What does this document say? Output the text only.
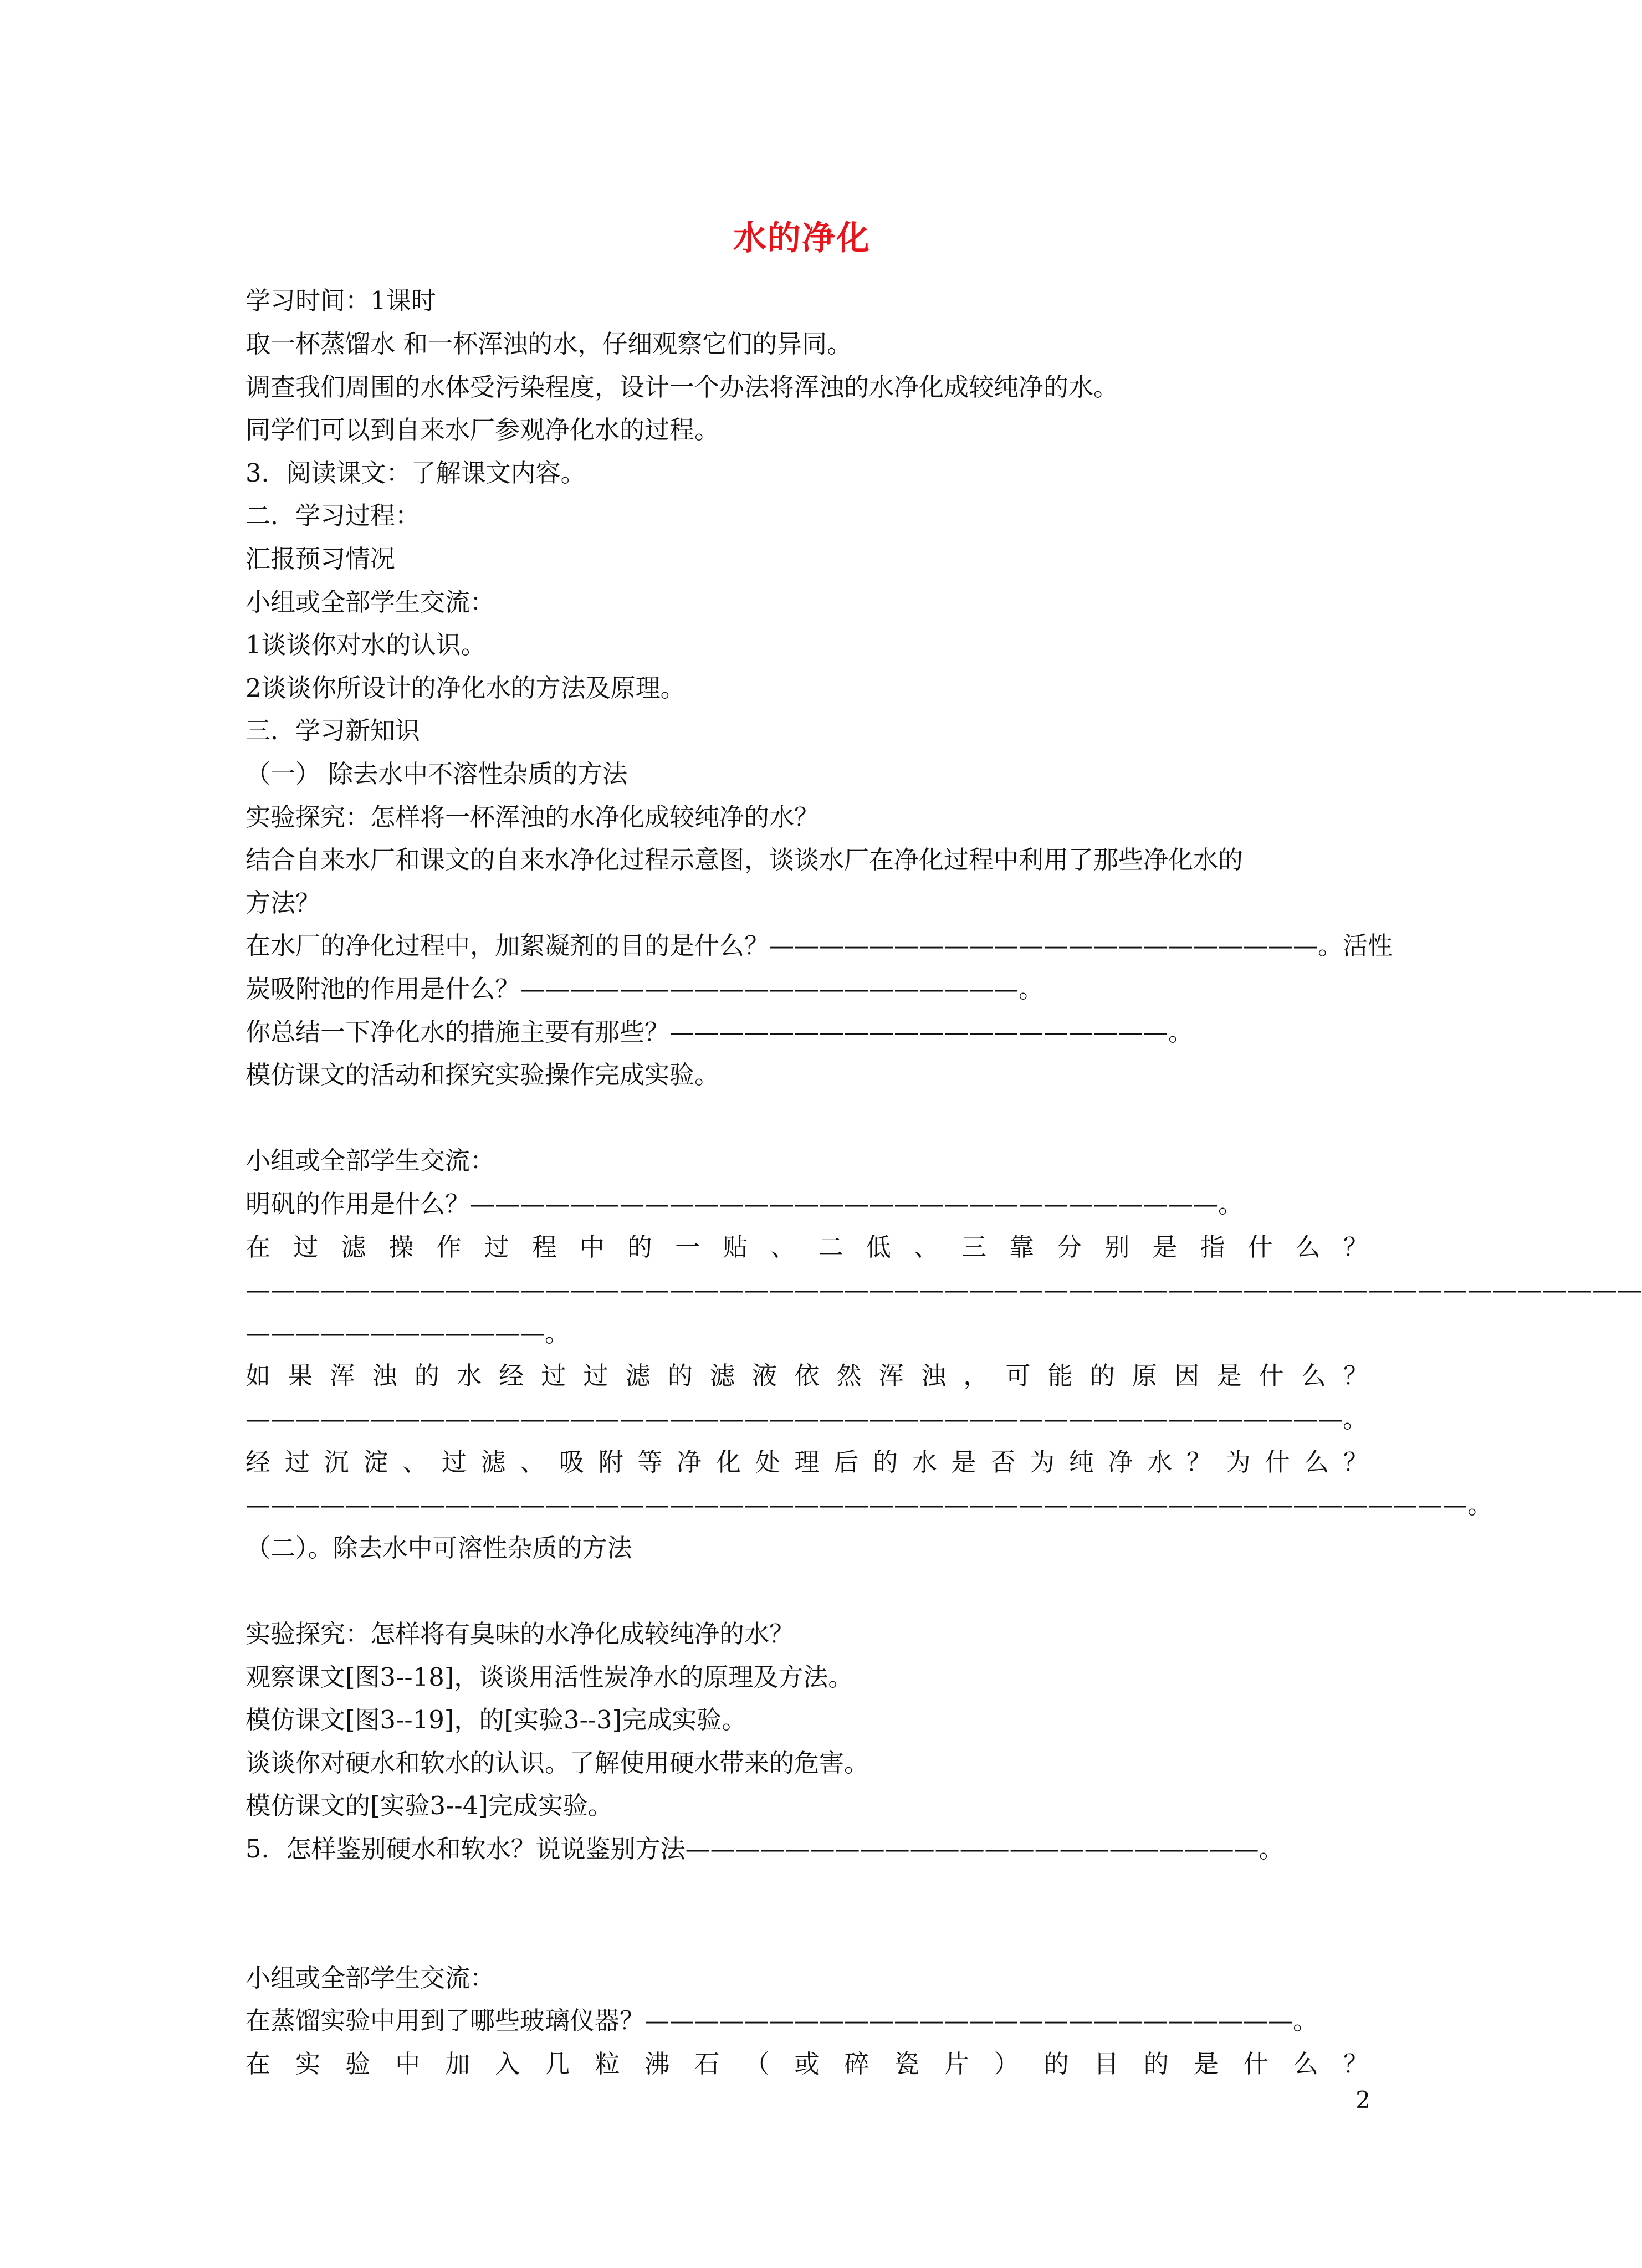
水的净化
学习时间：1课时
取一杯蒸馏水 和一杯浑浊的水，仔细观察它们的异同。
调查我们周围的水体受污染程度，设计一个办法将浑浊的水净化成较纯净的水。
同学们可以到自来水厂参观净化水的过程。
3．阅读课文：了解课文内容。
二．学习过程：
汇报预习情况
小组或全部学生交流：
1谈谈你对水的认识。
2谈谈你所设计的净化水的方法及原理。
三．学习新知识
（一） 除去水中不溶性杂质的方法
实验探究：怎样将一杯浑浊的水净化成较纯净的水？
结合自来水厂和课文的自来水净化过程示意图，谈谈水厂在净化过程中利用了那些净化水的
方法？
在水厂的净化过程中，加絮凝剂的目的是什么？——————————————————————。活性
炭吸附池的作用是什么？————————————————————。
你总结一下净化水的措施主要有那些？————————————————————。
模仿课文的活动和探究实验操作完成实验。
小组或全部学生交流：
明矾的作用是什么？——————————————————————————————。
在过滤操作过程中的一贴、二低、三靠分别是指什么？
————————————————————————————————————————————————————————
————————————。
如果浑浊的水经过过滤的滤液依然浑浊，可能的原因是什么？
————————————————————————————————————————————。
经过沉淀、过滤、吸附等净化处理后的水是否为纯净水？为什么？
—————————————————————————————————————————————————。
（二）。除去水中可溶性杂质的方法
实验探究：怎样将有臭味的水净化成较纯净的水？
观察课文[图3--18]，谈谈用活性炭净水的原理及方法。
模仿课文[图3--19]，的[实验3--3]完成实验。
谈谈你对硬水和软水的认识。了解使用硬水带来的危害。
模仿课文的[实验3--4]完成实验。
5．怎样鉴别硬水和软水？说说鉴别方法———————————————————————。
小组或全部学生交流：
在蒸馏实验中用到了哪些玻璃仪器？——————————————————————————。
在实验中加入几粒沸石（或碎瓷片）的目的是什么？
2
